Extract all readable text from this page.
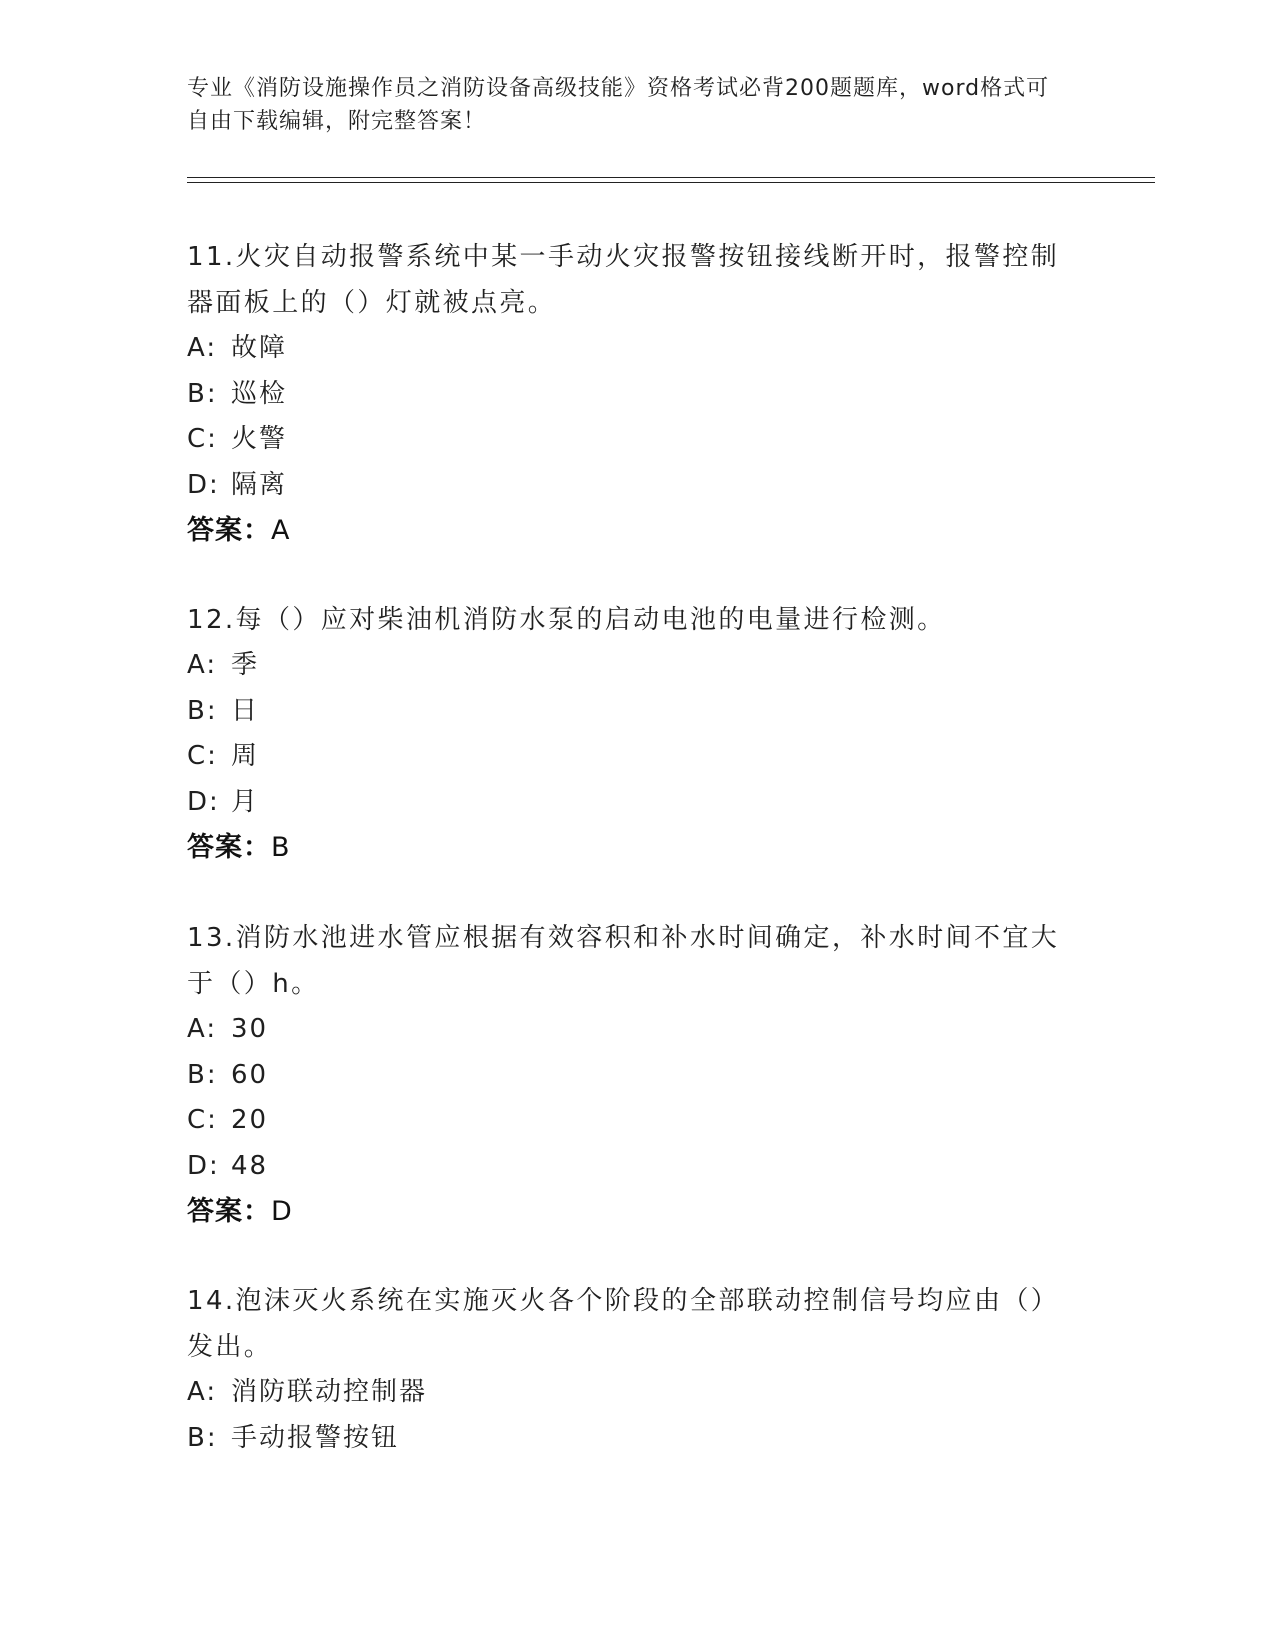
专业《消防设施操作员之消防设备高级技能》资格考试必背200题题库，word格式可自由下载编辑，附完整答案！

11.火灾自动报警系统中某一手动火灾报警按钮接线断开时，报警控制器面板上的（）灯就被点亮。

A: 故障
B: 巡检
C: 火警
D: 隔离
答案：A

12.每（）应对柴油机消防水泵的启动电池的电量进行检测。

A: 季
B: 日
C: 周
D: 月
答案：B

13.消防水池进水管应根据有效容积和补水时间确定，补水时间不宜大于（）h。

A: 30
B: 60
C: 20
D: 48
答案：D

14.泡沫灭火系统在实施灭火各个阶段的全部联动控制信号均应由（）发出。

A: 消防联动控制器
B: 手动报警按钮
